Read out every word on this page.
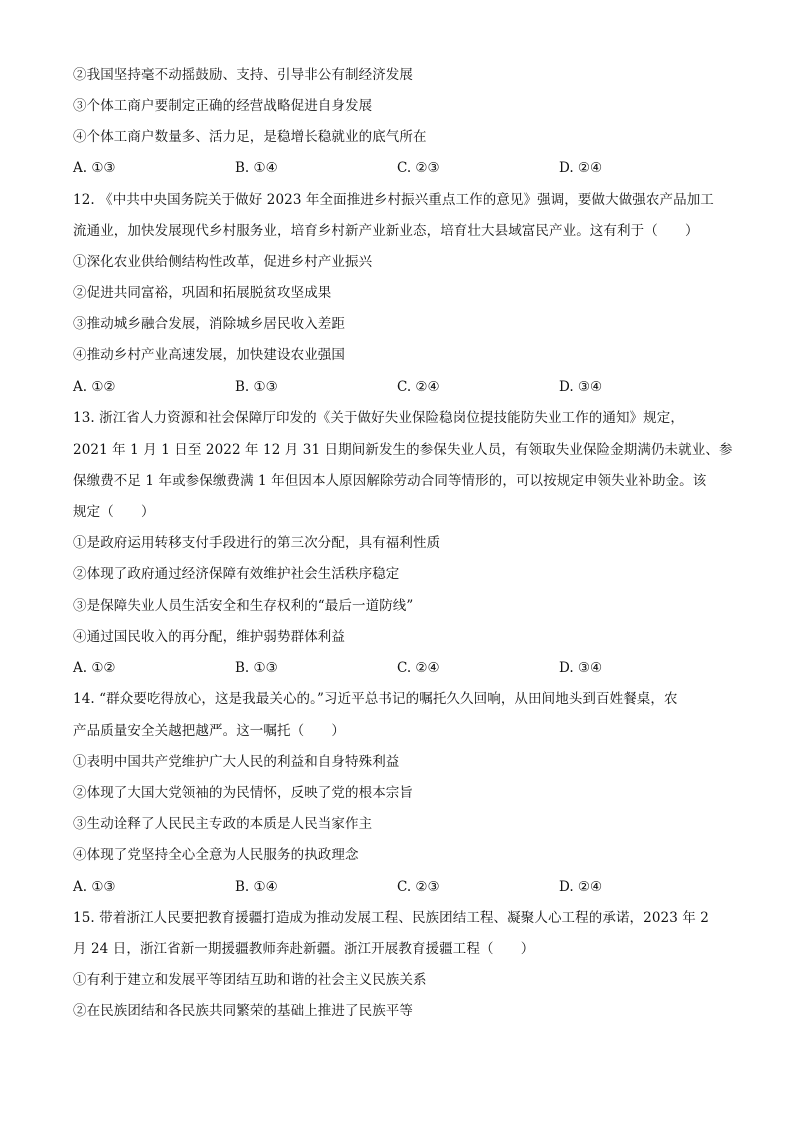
②我国坚持毫不动摇鼓励、支持、引导非公有制经济发展
③个体工商户要制定正确的经营战略促进自身发展
④个体工商户数量多、活力足，是稳增长稳就业的底气所在
A. ①③	B. ①④	C. ②③	D. ②④
12. 《中共中央国务院关于做好 2023 年全面推进乡村振兴重点工作的意见》强调，要做大做强农产品加工
流通业，加快发展现代乡村服务业，培育乡村新产业新业态，培育壮大县域富民产业。这有利于（　　）
①深化农业供给侧结构性改革，促进乡村产业振兴
②促进共同富裕，巩固和拓展脱贫攻坚成果
③推动城乡融合发展，消除城乡居民收入差距
④推动乡村产业高速发展，加快建设农业强国
A. ①②	B. ①③	C. ②④	D. ③④
13. 浙江省人力资源和社会保障厅印发的《关于做好失业保险稳岗位提技能防失业工作的通知》规定，
2021 年 1 月 1 日至 2022 年 12 月 31 日期间新发生的参保失业人员，有领取失业保险金期满仍未就业、参
保缴费不足 1 年或参保缴费满 1 年但因本人原因解除劳动合同等情形的，可以按规定申领失业补助金。该
规定（　　）
①是政府运用转移支付手段进行的第三次分配，具有福利性质
②体现了政府通过经济保障有效维护社会生活秩序稳定
③是保障失业人员生活安全和生存权利的“最后一道防线”
④通过国民收入的再分配，维护弱势群体利益
A. ①②	B. ①③	C. ②④	D. ③④
14. “群众要吃得放心，这是我最关心的。”习近平总书记的嘱托久久回响，从田间地头到百姓餐桌，农
产品质量安全关越把越严。这一嘱托（　　）
①表明中国共产党维护广大人民的利益和自身特殊利益
②体现了大国大党领袖的为民情怀，反映了党的根本宗旨
③生动诠释了人民民主专政的本质是人民当家作主
④体现了党坚持全心全意为人民服务的执政理念
A. ①③	B. ①④	C. ②③	D. ②④
15. 带着浙江人民要把教育援疆打造成为推动发展工程、民族团结工程、凝聚人心工程的承诺，2023 年 2
月 24 日，浙江省新一期援疆教师奔赴新疆。浙江开展教育援疆工程（　　）
①有利于建立和发展平等团结互助和谐的社会主义民族关系
②在民族团结和各民族共同繁荣的基础上推进了民族平等
